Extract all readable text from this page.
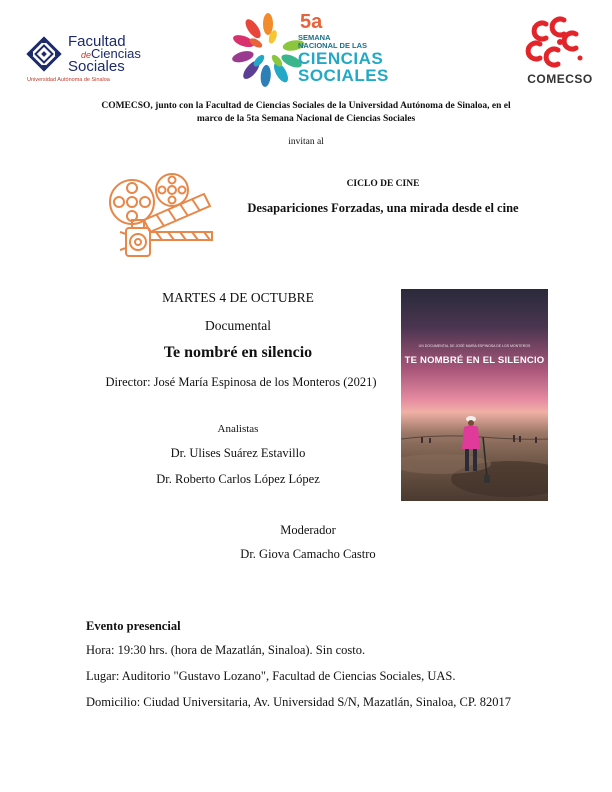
Facultad
deCiencias
Sociales
Universidad Autónoma de Sinaloa
5a
SEMANA
NACIONAL DE LAS
CIENCIAS
SOCIALES	COMECSO
COMECSO, junto con la Facultad de Ciencias Sociales de la Universidad Autónoma de Sinaloa, en el marco de la 5ta Semana Nacional de Ciencias Sociales
invitan al
CICLO DE CINE
Desapariciones Forzadas, una mirada desde el cine
MARTES 4 DE OCTUBRE
Documental
Te nombré en silencio
Director: José María Espinosa de los Monteros (2021)
Analistas
Dr. Ulises Suárez Estavillo
Dr. Roberto Carlos López López
Moderador
Dr. Giova Camacho Castro
UN DOCUMENTAL DE JOSÉ MARÍA ESPINOSA DE LOS MONTEROS
TE NOMBRÉ EN EL SILENCIO
Evento presencial
Hora: 19:30 hrs. (hora de Mazatlán, Sinaloa). Sin costo.
Lugar: Auditorio "Gustavo Lozano", Facultad de Ciencias Sociales, UAS.
Domicilio: Ciudad Universitaria, Av. Universidad S/N, Mazatlán, Sinaloa, CP. 82017
